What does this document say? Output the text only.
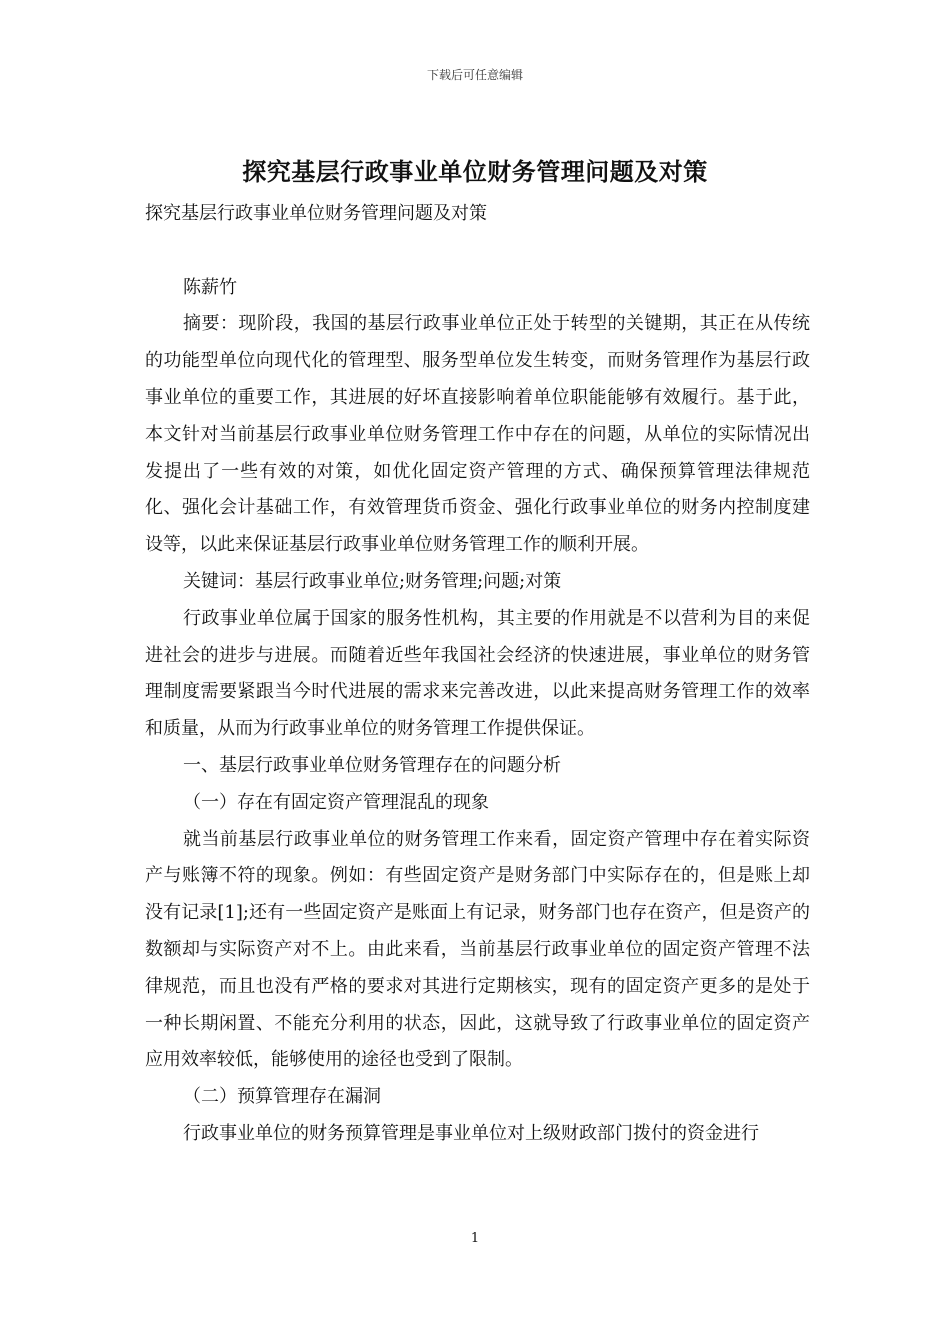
下载后可任意编辑
探究基层行政事业单位财务管理问题及对策

探究基层行政事业单位财务管理问题及对策

陈薪竹

摘要：现阶段，我国的基层行政事业单位正处于转型的关键期，其正在从传统的功能型单位向现代化的管理型、服务型单位发生转变，而财务管理作为基层行政事业单位的重要工作，其进展的好坏直接影响着单位职能能够有效履行。基于此，本文针对当前基层行政事业单位财务管理工作中存在的问题，从单位的实际情况出发提出了一些有效的对策，如优化固定资产管理的方式、确保预算管理法律规范化、强化会计基础工作，有效管理货币资金、强化行政事业单位的财务内控制度建设等，以此来保证基层行政事业单位财务管理工作的顺利开展。

关键词：基层行政事业单位;财务管理;问题;对策

行政事业单位属于国家的服务性机构，其主要的作用就是不以营利为目的来促进社会的进步与进展。而随着近些年我国社会经济的快速进展，事业单位的财务管理制度需要紧跟当今时代进展的需求来完善改进，以此来提高财务管理工作的效率和质量，从而为行政事业单位的财务管理工作提供保证。

一、基层行政事业单位财务管理存在的问题分析

（一）存在有固定资产管理混乱的现象

就当前基层行政事业单位的财务管理工作来看，固定资产管理中存在着实际资产与账簿不符的现象。例如：有些固定资产是财务部门中实际存在的，但是账上却没有记录[1];还有一些固定资产是账面上有记录，财务部门也存在资产，但是资产的数额却与实际资产对不上。由此来看，当前基层行政事业单位的固定资产管理不法律规范，而且也没有严格的要求对其进行定期核实，现有的固定资产更多的是处于一种长期闲置、不能充分利用的状态，因此，这就导致了行政事业单位的固定资产应用效率较低，能够使用的途径也受到了限制。

（二）预算管理存在漏洞

行政事业单位的财务预算管理是事业单位对上级财政部门拨付的资金进行

1
